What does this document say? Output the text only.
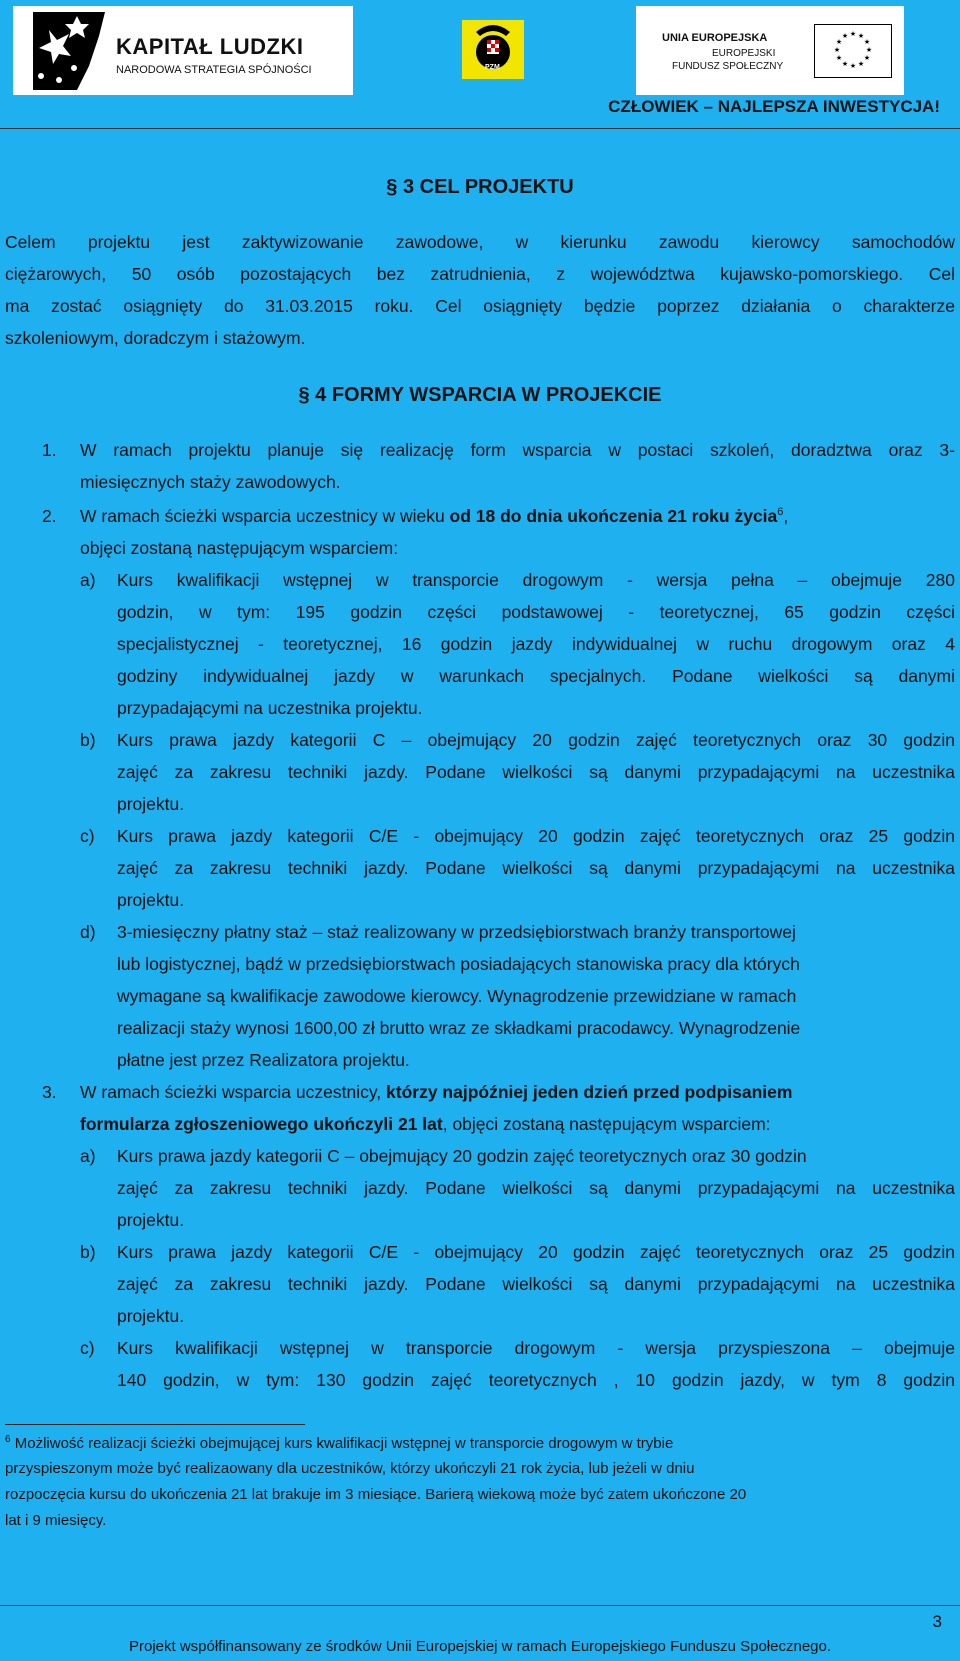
KAPITAŁ LUDZKI
NARODOWA STRATEGIA SPÓJNOŚCI	PZM
UNIA EUROPEJSKA
EUROPEJSKI
FUNDUSZ SPOŁECZNY
★ ★
★
★
★
★
★
★
★
★
★
★
CZŁOWIEK – NAJLEPSZA INWESTYCJA!
§ 3 CEL PROJEKTU
Celem projektu jest zaktywizowanie zawodowe, w kierunku zawodu kierowcy samochodów
ciężarowych, 50 osób pozostających bez zatrudnienia, z województwa kujawsko-pomorskiego. Cel
ma zostać osiągnięty do 31.03.2015 roku. Cel osiągnięty będzie poprzez działania o charakterze
szkoleniowym, doradczym i stażowym.
§ 4 FORMY WSPARCIA W PROJEKCIE
1. W ramach projektu planuje się realizację form wsparcia w postaci szkoleń, doradztwa oraz 3-
miesięcznych staży zawodowych.
2. W ramach ścieżki wsparcia uczestnicy w wieku od 18 do dnia ukończenia 21 roku życia$^6$,
objęci zostaną następującym wsparciem:
a) Kurs kwalifikacji wstępnej w transporcie drogowym - wersja pełna – obejmuje 280
godzin, w tym: 195 godzin części podstawowej - teoretycznej, 65 godzin części
specjalistycznej - teoretycznej, 16 godzin jazdy indywidualnej w ruchu drogowym oraz 4
godziny indywidualnej jazdy w warunkach specjalnych. Podane wielkości są danymi
przypadającymi na uczestnika projektu.
b) Kurs prawa jazdy kategorii C – obejmujący 20 godzin zajęć teoretycznych oraz 30 godzin
zajęć za zakresu techniki jazdy. Podane wielkości są danymi przypadającymi na uczestnika
projektu.
c) Kurs prawa jazdy kategorii C/E - obejmujący 20 godzin zajęć teoretycznych oraz 25 godzin
zajęć za zakresu techniki jazdy. Podane wielkości są danymi przypadającymi na uczestnika
projektu.
d) 3-miesięczny płatny staż – staż realizowany w przedsiębiorstwach branży transportowej
lub logistycznej, bądź w przedsiębiorstwach posiadających stanowiska pracy dla których
wymagane są kwalifikacje zawodowe kierowcy. Wynagrodzenie przewidziane w ramach
realizacji staży wynosi 1600,00 zł brutto wraz ze składkami pracodawcy. Wynagrodzenie
płatne jest przez Realizatora projektu.
3. W ramach ścieżki wsparcia uczestnicy, którzy najpóźniej jeden dzień przed podpisaniem
formularza zgłoszeniowego ukończyli 21 lat, objęci zostaną następującym wsparciem:
a) Kurs prawa jazdy kategorii C – obejmujący 20 godzin zajęć teoretycznych oraz 30 godzin
zajęć za zakresu techniki jazdy. Podane wielkości są danymi przypadającymi na uczestnika
projektu.
b) Kurs prawa jazdy kategorii C/E - obejmujący 20 godzin zajęć teoretycznych oraz 25 godzin
zajęć za zakresu techniki jazdy. Podane wielkości są danymi przypadającymi na uczestnika
projektu.
c) Kurs kwalifikacji wstępnej w transporcie drogowym - wersja przyspieszona – obejmuje
140 godzin, w tym: 130 godzin zajęć teoretycznych , 10 godzin jazdy, w tym 8 godzin
$^6$ Możliwość realizacji ścieżki obejmującej kurs kwalifikacji wstępnej w transporcie drogowym w trybie
przyspieszonym może być realizaowany dla uczestników, którzy ukończyli 21 rok życia, lub jeżeli w dniu
rozpoczęcia kursu do ukończenia 21 lat brakuje im 3 miesiące. Barierą wiekową może być zatem ukończone 20
lat i 9 miesięcy.
3
Projekt współfinansowany ze środków Unii Europejskiej w ramach Europejskiego Funduszu Społecznego.
